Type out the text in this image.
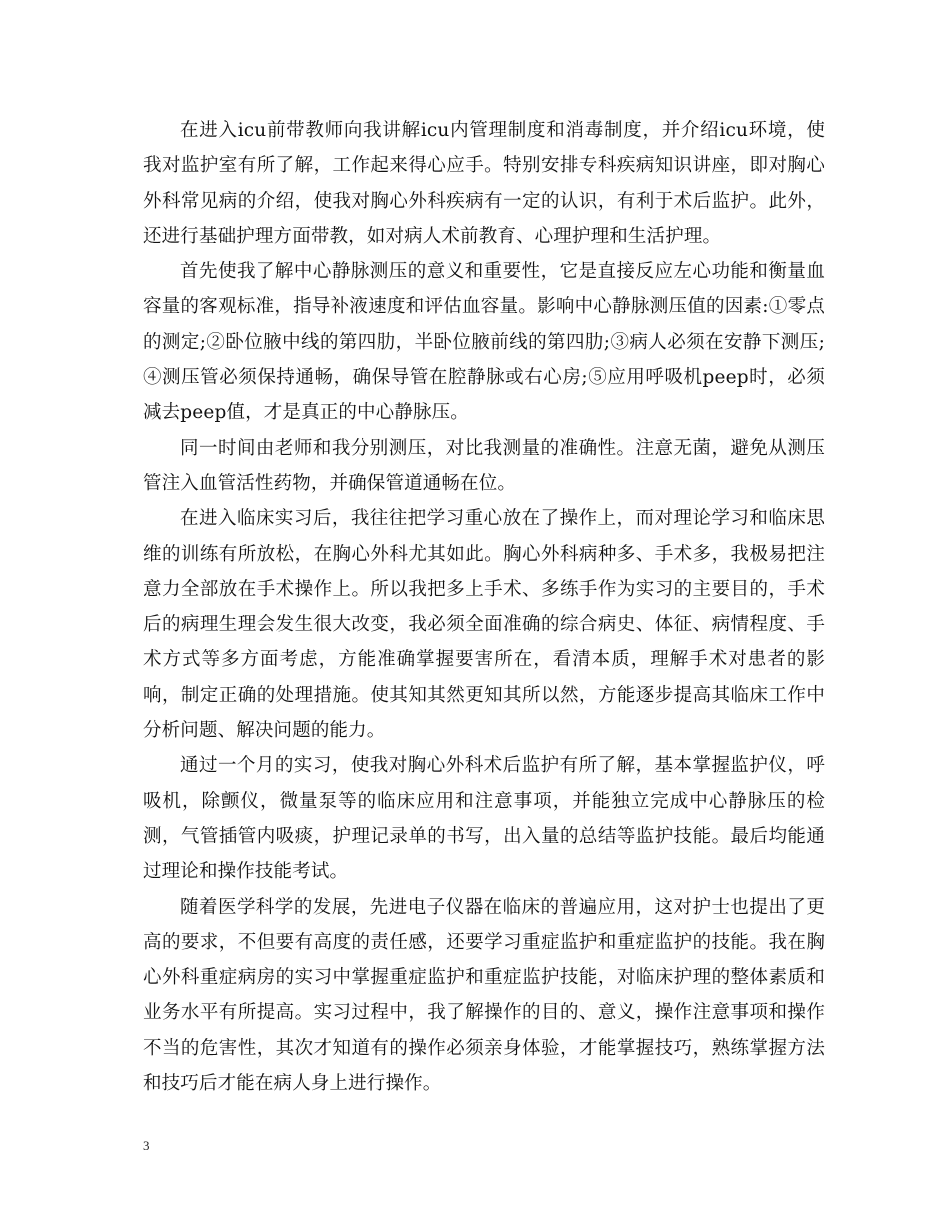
在进入icu前带教师向我讲解icu内管理制度和消毒制度，并介绍icu环境，使我对监护室有所了解，工作起来得心应手。特别安排专科疾病知识讲座，即对胸心外科常见病的介绍，使我对胸心外科疾病有一定的认识，有利于术后监护。此外，还进行基础护理方面带教，如对病人术前教育、心理护理和生活护理。

首先使我了解中心静脉测压的意义和重要性，它是直接反应左心功能和衡量血容量的客观标准，指导补液速度和评估血容量。影响中心静脉测压值的因素:①零点的测定;②卧位腋中线的第四肋，半卧位腋前线的第四肋;③病人必须在安静下测压;④测压管必须保持通畅，确保导管在腔静脉或右心房;⑤应用呼吸机peep时，必须减去peep值，才是真正的中心静脉压。

同一时间由老师和我分别测压，对比我测量的准确性。注意无菌，避免从测压管注入血管活性药物，并确保管道通畅在位。

在进入临床实习后，我往往把学习重心放在了操作上，而对理论学习和临床思维的训练有所放松，在胸心外科尤其如此。胸心外科病种多、手术多，我极易把注意力全部放在手术操作上。所以我把多上手术、多练手作为实习的主要目的，手术后的病理生理会发生很大改变，我必须全面准确的综合病史、体征、病情程度、手术方式等多方面考虑，方能准确掌握要害所在，看清本质，理解手术对患者的影响，制定正确的处理措施。使其知其然更知其所以然，方能逐步提高其临床工作中分析问题、解决问题的能力。

通过一个月的实习，使我对胸心外科术后监护有所了解，基本掌握监护仪，呼吸机，除颤仪，微量泵等的临床应用和注意事项，并能独立完成中心静脉压的检测，气管插管内吸痰，护理记录单的书写，出入量的总结等监护技能。最后均能通过理论和操作技能考试。

随着医学科学的发展，先进电子仪器在临床的普遍应用，这对护士也提出了更高的要求，不但要有高度的责任感，还要学习重症监护和重症监护的技能。我在胸心外科重症病房的实习中掌握重症监护和重症监护技能，对临床护理的整体素质和业务水平有所提高。实习过程中，我了解操作的目的、意义，操作注意事项和操作不当的危害性，其次才知道有的操作必须亲身体验，才能掌握技巧，熟练掌握方法和技巧后才能在病人身上进行操作。

3
